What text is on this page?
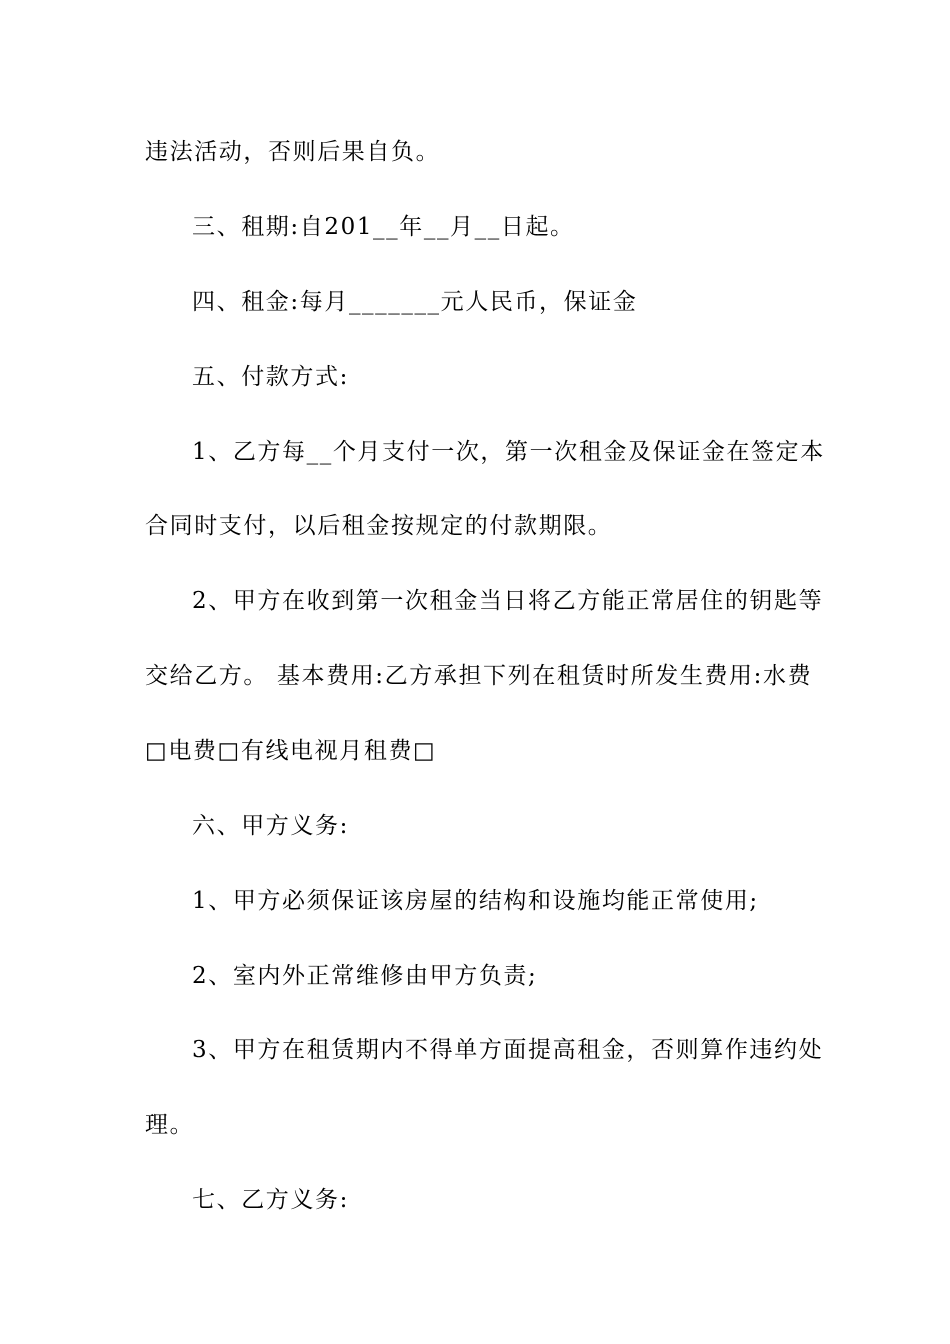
违法活动，否则后果自负。
三、租期:自201__年__月__日起。
四、租金:每月_______元人民币，保证金
五、付款方式:
1、乙方每__个月支付一次，第一次租金及保证金在签定本
合同时支付，以后租金按规定的付款期限。
2、甲方在收到第一次租金当日将乙方能正常居住的钥匙等
交给乙方。 基本费用:乙方承担下列在租赁时所发生费用:水费
□电费□有线电视月租费□
六、甲方义务:
1、甲方必须保证该房屋的结构和设施均能正常使用;
2、室内外正常维修由甲方负责;
3、甲方在租赁期内不得单方面提高租金，否则算作违约处
理。
七、乙方义务:
